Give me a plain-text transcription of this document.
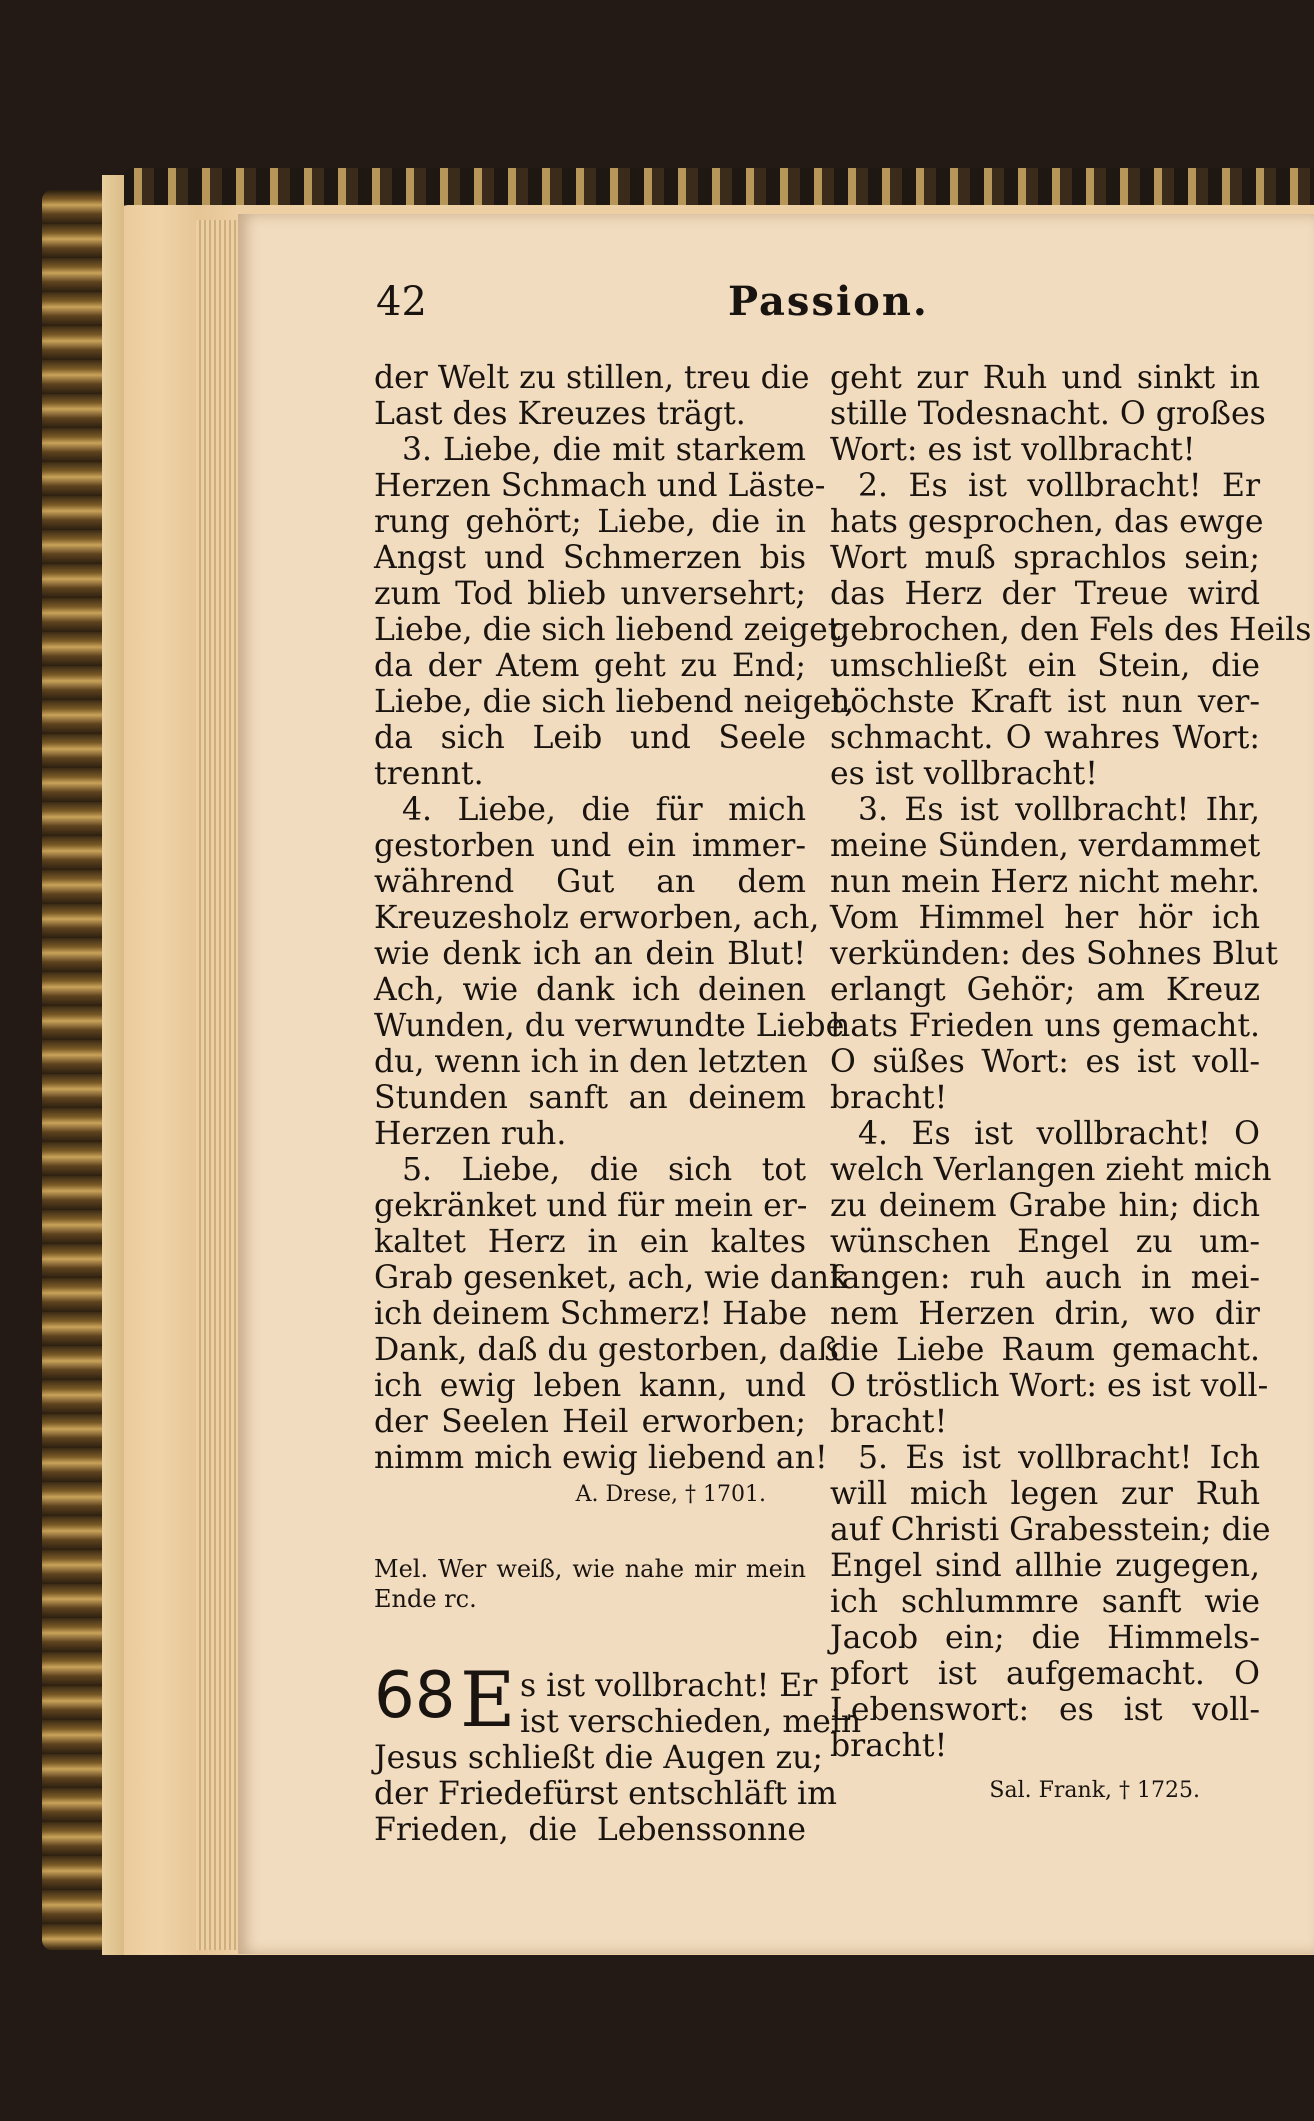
42	Passion.
der Welt zu stillen, treu die
Last des Kreuzes trägt.
3. Liebe, die mit starkem
Herzen Schmach und Läste-
rung gehört; Liebe, die in
Angst und Schmerzen bis
zum Tod blieb unversehrt;
Liebe, die sich liebend zeiget,
da der Atem geht zu End;
Liebe, die sich liebend neiget,
da sich Leib und Seele
trennt.
4. Liebe, die für mich
gestorben und ein immer-
während Gut an dem
Kreuzesholz erworben, ach,
wie denk ich an dein Blut!
Ach, wie dank ich deinen
Wunden, du verwundte Liebe
du, wenn ich in den letzten
Stunden sanft an deinem
Herzen ruh.
5. Liebe, die sich tot
gekränket und für mein er-
kaltet Herz in ein kaltes
Grab gesenket, ach, wie dank
ich deinem Schmerz! Habe
Dank, daß du gestorben, daß
ich ewig leben kann, und
der Seelen Heil erworben;
nimm mich ewig liebend an!
A. Drese, † 1701.
Mel. Wer weiß, wie nahe mir mein
Ende rc.
68 E s ist vollbracht! Er
ist verschieden, mein
Jesus schließt die Augen zu;
der Friedefürst entschläft im
Frieden, die Lebenssonne
geht zur Ruh und sinkt in
stille Todesnacht. O großes
Wort: es ist vollbracht!
2. Es ist vollbracht! Er
hats gesprochen, das ewge
Wort muß sprachlos sein;
das Herz der Treue wird
gebrochen, den Fels des Heils
umschließt ein Stein, die
höchste Kraft ist nun ver-
schmacht. O wahres Wort:
es ist vollbracht!
3. Es ist vollbracht! Ihr,
meine Sünden, verdammet
nun mein Herz nicht mehr.
Vom Himmel her hör ich
verkünden: des Sohnes Blut
erlangt Gehör; am Kreuz
hats Frieden uns gemacht.
O süßes Wort: es ist voll-
bracht!
4. Es ist vollbracht! O
welch Verlangen zieht mich
zu deinem Grabe hin; dich
wünschen Engel zu um-
fangen: ruh auch in mei-
nem Herzen drin, wo dir
die Liebe Raum gemacht.
O tröstlich Wort: es ist voll-
bracht!
5. Es ist vollbracht! Ich
will mich legen zur Ruh
auf Christi Grabesstein; die
Engel sind allhie zugegen,
ich schlummre sanft wie
Jacob ein; die Himmels-
pfort ist aufgemacht. O
Lebenswort: es ist voll-
bracht!
Sal. Frank, † 1725.
